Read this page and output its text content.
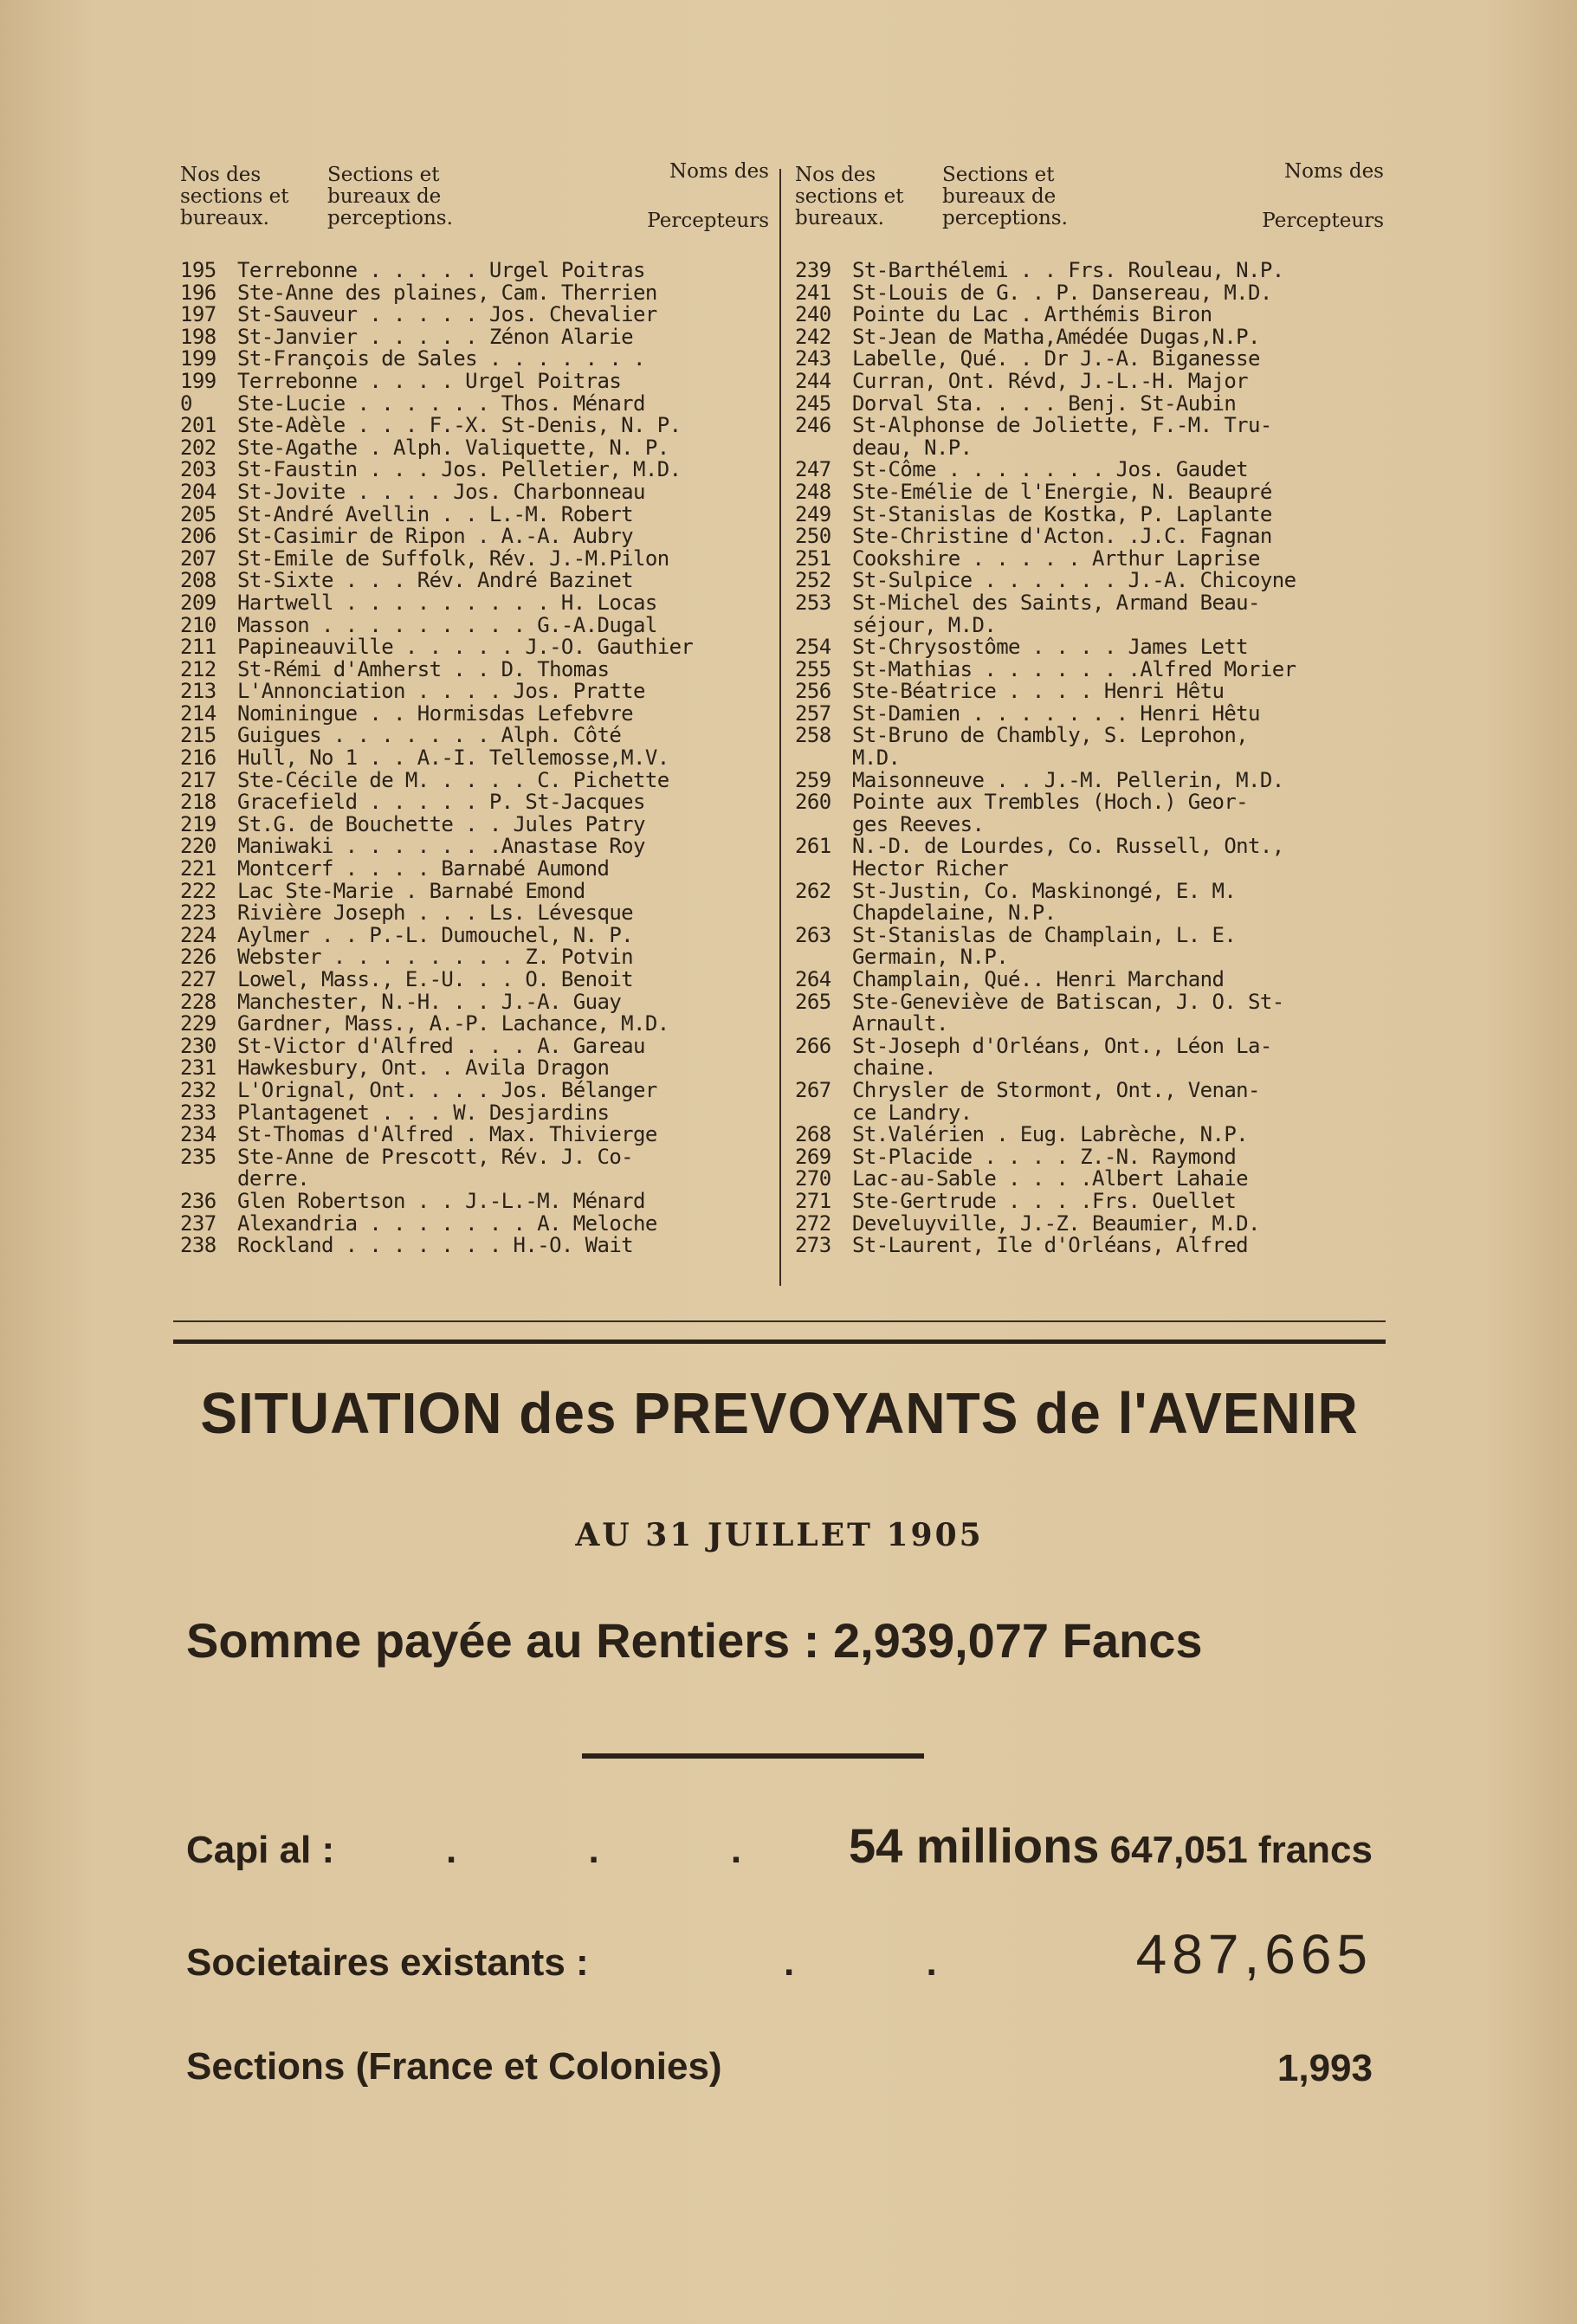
Nos des sections et bureaux.
Sections et bureaux de perceptions.
Noms des
Percepteurs
195	Terrebonne . . . . . Urgel Poitras
196	Ste-Anne des plaines, Cam. Therrien
197	St-Sauveur . . . . . Jos. Chevalier
198	St-Janvier . . . . . Zénon Alarie
199	St-François de Sales . . . . . . .
199	Terrebonne . . . . Urgel Poitras
0	Ste-Lucie . . . . . . Thos. Ménard
201	Ste-Adèle . . . F.-X. St-Denis, N. P.
202	Ste-Agathe . Alph. Valiquette, N. P.
203	St-Faustin . . . Jos. Pelletier, M.D.
204	St-Jovite . . . . Jos. Charbonneau
205	St-André Avellin . . L.-M. Robert
206	St-Casimir de Ripon . A.-A. Aubry
207	St-Emile de Suffolk, Rév. J.-M.Pilon
208	St-Sixte . . . Rév. André Bazinet
209	Hartwell . . . . . . . . . H. Locas
210	Masson . . . . . . . . . G.-A.Dugal
211	Papineauville . . . . . J.-O. Gauthier
212	St-Rémi d'Amherst . . D. Thomas
213	L'Annonciation . . . . Jos. Pratte
214	Nominingue . . Hormisdas Lefebvre
215	Guigues . . . . . . . Alph. Côté
216	Hull, No 1 . . A.-I. Tellemosse,M.V.
217	Ste-Cécile de M. . . . . C. Pichette
218	Gracefield . . . . . P. St-Jacques
219	St.G. de Bouchette . . Jules Patry
220	Maniwaki . . . . . . .Anastase Roy
221	Montcerf . . . . Barnabé Aumond
222	Lac Ste-Marie . Barnabé Emond
223	Rivière Joseph . . . Ls. Lévesque
224	Aylmer . . P.-L. Dumouchel, N. P.
226	Webster . . . . . . . . Z. Potvin
227	Lowel, Mass., E.-U. . . O. Benoit
228	Manchester, N.-H. . . J.-A. Guay
229	Gardner, Mass., A.-P. Lachance, M.D.
230	St-Victor d'Alfred . . . A. Gareau
231	Hawkesbury, Ont. . Avila Dragon
232	L'Orignal, Ont. . . . Jos. Bélanger
233	Plantagenet . . . W. Desjardins
234	St-Thomas d'Alfred . Max. Thivierge
235	Ste-Anne de Prescott, Rév. J. Co-
derre.
236	Glen Robertson . . J.-L.-M. Ménard
237	Alexandria . . . . . . . A. Meloche
238	Rockland . . . . . . . H.-O. Wait
Nos des sections et bureaux.
Sections et bureaux de perceptions.
Noms des
Percepteurs
239	St-Barthélemi . . Frs. Rouleau, N.P.
241	St-Louis de G. . P. Dansereau, M.D.
240	Pointe du Lac . Arthémis Biron
242	St-Jean de Matha,Amédée Dugas,N.P.
243	Labelle, Qué. . Dr J.-A. Biganesse
244	Curran, Ont. Révd, J.-L.-H. Major
245	Dorval Sta. . . . Benj. St-Aubin
246	St-Alphonse de Joliette, F.-M. Tru-
deau, N.P.
247	St-Côme . . . . . . . Jos. Gaudet
248	Ste-Emélie de l'Energie, N. Beaupré
249	St-Stanislas de Kostka, P. Laplante
250	Ste-Christine d'Acton. .J.C. Fagnan
251	Cookshire . . . . . Arthur Laprise
252	St-Sulpice . . . . . . J.-A. Chicoyne
253	St-Michel des Saints, Armand Beau-
séjour, M.D.
254	St-Chrysostôme . . . . James Lett
255	St-Mathias . . . . . . .Alfred Morier
256	Ste-Béatrice . . . . Henri Hêtu
257	St-Damien . . . . . . . Henri Hêtu
258	St-Bruno de Chambly, S. Leprohon,
M.D.
259	Maisonneuve . . J.-M. Pellerin, M.D.
260	Pointe aux Trembles (Hoch.) Geor-
ges Reeves.
261	N.-D. de Lourdes, Co. Russell, Ont.,
Hector Richer
262	St-Justin, Co. Maskinongé, E. M.
Chapdelaine, N.P.
263	St-Stanislas de Champlain, L. E.
Germain, N.P.
264	Champlain, Qué.. Henri Marchand
265	Ste-Geneviève de Batiscan, J. O. St-
Arnault.
266	St-Joseph d'Orléans, Ont., Léon La-
chaine.
267	Chrysler de Stormont, Ont., Venan-
ce Landry.
268	St.Valérien . Eug. Labrèche, N.P.
269	St-Placide . . . . Z.-N. Raymond
270	Lac-au-Sable . . . .Albert Lahaie
271	Ste-Gertrude . . . .Frs. Ouellet
272	Develuyville, J.-Z. Beaumier, M.D.
273	St-Laurent, Ile d'Orléans, Alfred
SITUATION des PREVOYANTS de l'AVENIR
AU 31 JUILLET 1905
Somme payée au Rentiers : 2,939,077 Fancs
Capi al :	. . . 54 millions 647,051 francs
Societaires existants :	. . 487,665
Sections (France et Colonies)	1,993
